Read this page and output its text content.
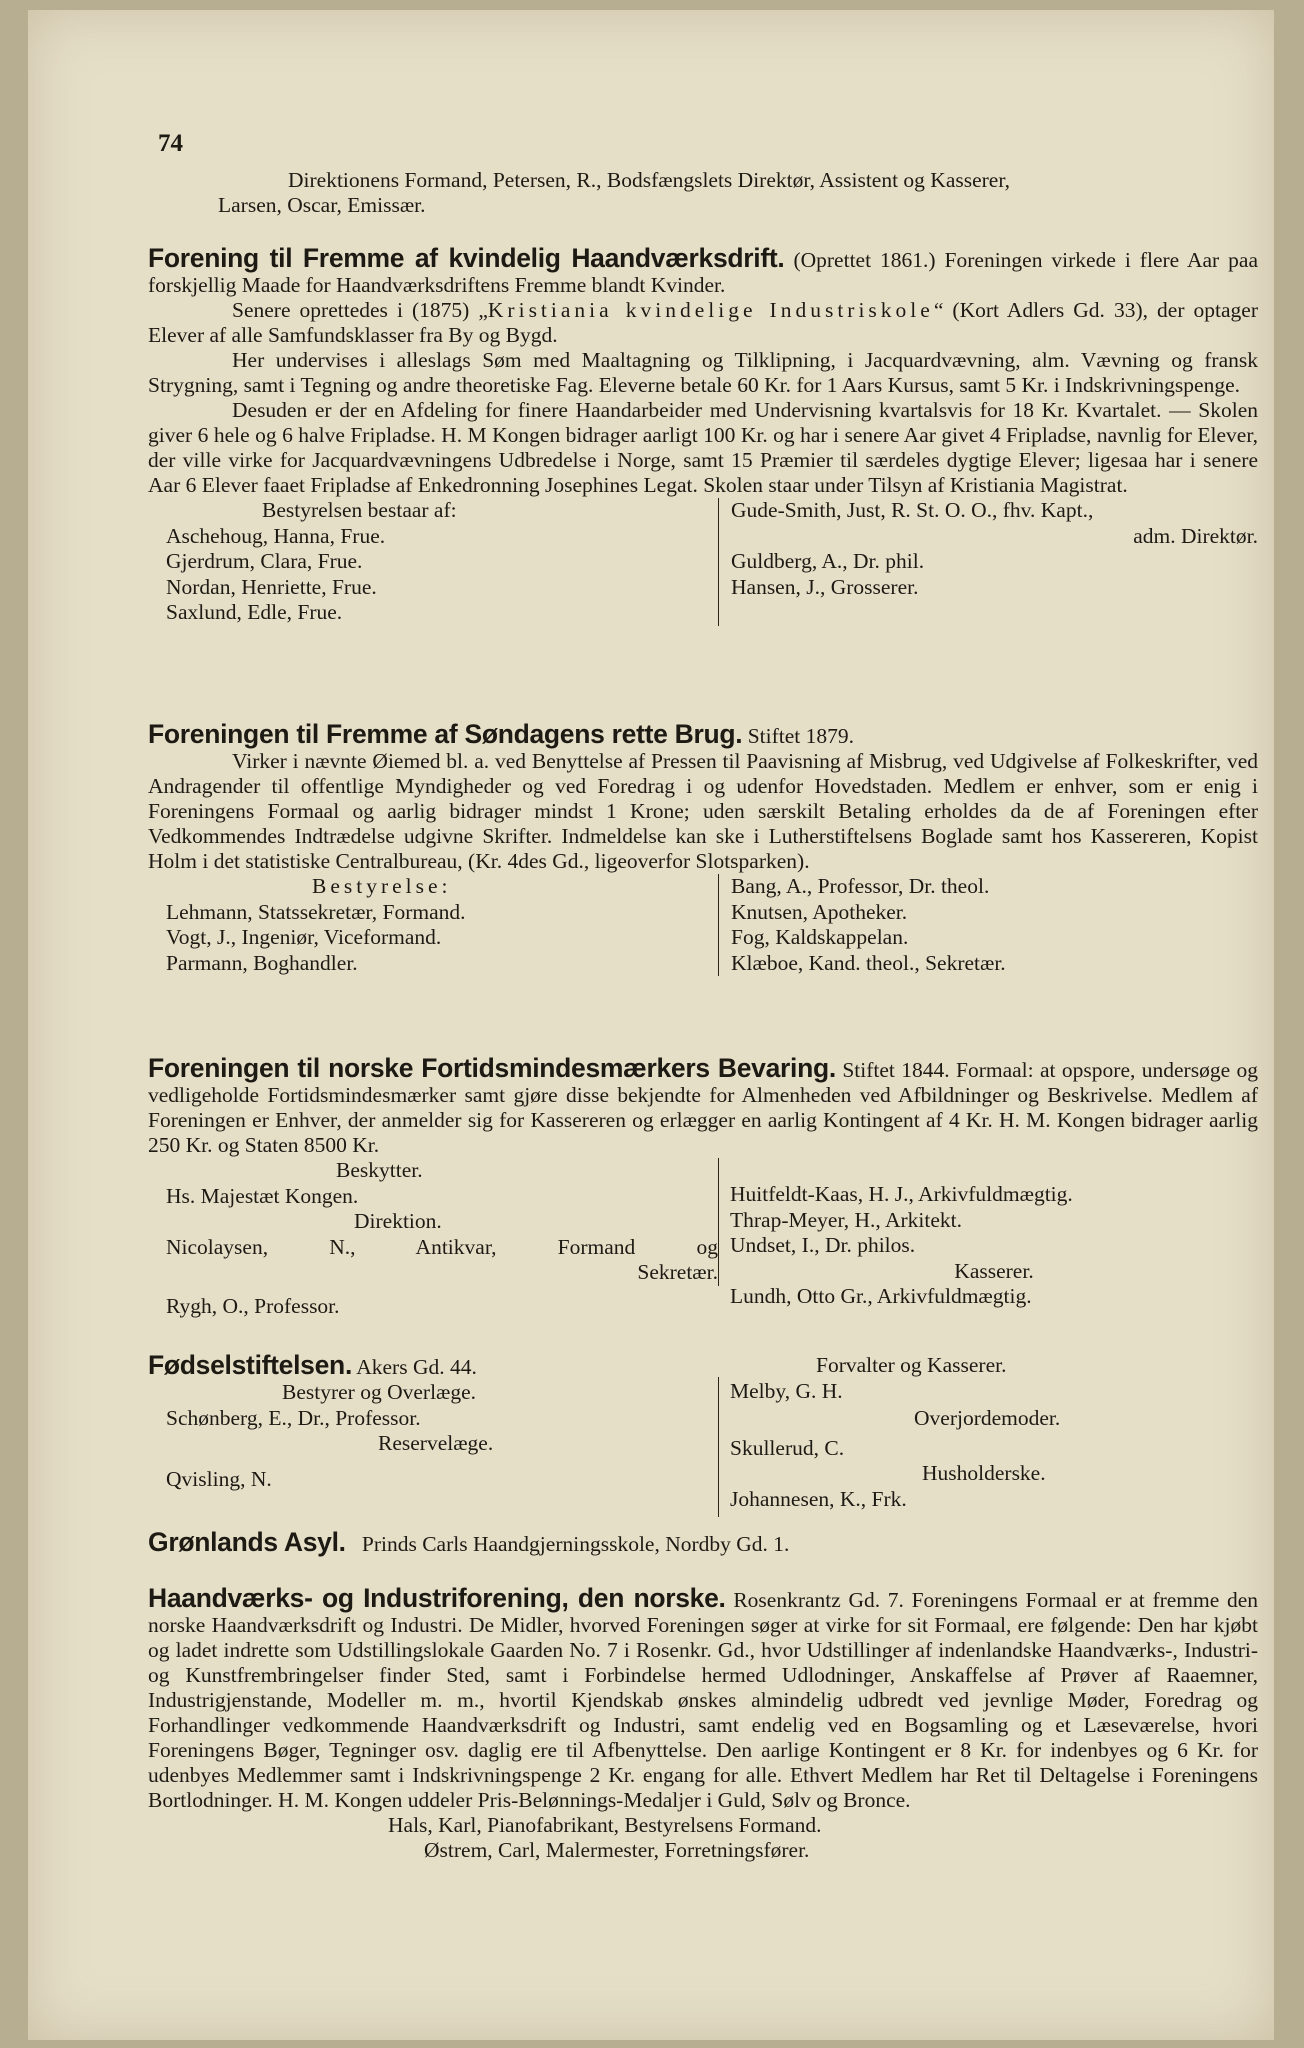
74

Direktionens Formand, Petersen, R., Bodsfængslets Direktør, Assistent og Kasserer,

Larsen, Oscar, Emissær.

Forening til Fremme af kvindelig Haandværksdrift. (Oprettet 1861.) Foreningen virkede i flere Aar paa forskjellig Maade for Haandværksdriftens Fremme blandt Kvinder.

Senere oprettedes i (1875) „Kristiania kvindelige Industriskole“ (Kort Adlers Gd. 33), der optager Elever af alle Samfundsklasser fra By og Bygd.

Her undervises i alleslags Søm med Maaltagning og Tilklipning, i Jacquardvævning, alm. Vævning og fransk Strygning, samt i Tegning og andre theoretiske Fag. Eleverne betale 60 Kr. for 1 Aars Kursus, samt 5 Kr. i Indskrivningspenge.

Desuden er der en Afdeling for finere Haandarbeider med Undervisning kvartalsvis for 18 Kr. Kvartalet. — Skolen giver 6 hele og 6 halve Fripladse. H. M Kongen bidrager aarligt 100 Kr. og har i senere Aar givet 4 Fripladse, navnlig for Elever, der ville virke for Jacquardvævningens Udbredelse i Norge, samt 15 Præmier til særdeles dygtige Elever; ligesaa har i senere Aar 6 Elever faaet Fripladse af Enkedronning Josephines Legat. Skolen staar under Tilsyn af Kristiania Magistrat.

Bestyrelsen bestaar af:
Aschehoug, Hanna, Frue.
Gjerdrum, Clara, Frue.
Nordan, Henriette, Frue.
Saxlund, Edle, Frue.
Gude-Smith, Just, R. St. O. O., fhv. Kapt.,
adm. Direktør.
Guldberg, A., Dr. phil.
Hansen, J., Grosserer.

Foreningen til Fremme af Søndagens rette Brug. Stiftet 1879.

Virker i nævnte Øiemed bl. a. ved Benyttelse af Pressen til Paavisning af Misbrug, ved Udgivelse af Folkeskrifter, ved Andragender til offentlige Myndigheder og ved Foredrag i og udenfor Hovedstaden. Medlem er enhver, som er enig i Foreningens Formaal og aarlig bidrager mindst 1 Krone; uden særskilt Betaling erholdes da de af Foreningen efter Vedkommendes Indtrædelse udgivne Skrifter. Indmeldelse kan ske i Lutherstiftelsens Boglade samt hos Kassereren, Kopist Holm i det statistiske Centralbureau, (Kr. 4des Gd., ligeoverfor Slotsparken).

Bestyrelse:
Lehmann, Statssekretær, Formand.
Vogt, J., Ingeniør, Viceformand.
Parmann, Boghandler.
Bang, A., Professor, Dr. theol.
Knutsen, Apotheker.
Fog, Kaldskappelan.
Klæboe, Kand. theol., Sekretær.

Foreningen til norske Fortidsmindesmærkers Bevaring. Stiftet 1844. Formaal: at opspore, undersøge og vedligeholde Fortidsmindesmærker samt gjøre disse bekjendte for Almenheden ved Afbildninger og Beskrivelse. Medlem af Foreningen er Enhver, der anmelder sig for Kassereren og erlægger en aarlig Kontingent af 4 Kr. H. M. Kongen bidrager aarlig 250 Kr. og Staten 8500 Kr.

Beskytter.
Hs. Majestæt Kongen.
Direktion.
Nicolaysen, N., Antikvar, Formand og
Sekretær.
Rygh, O., Professor.
Huitfeldt-Kaas, H. J., Arkivfuldmægtig.
Thrap-Meyer, H., Arkitekt.
Undset, I., Dr. philos.
Kasserer.
Lundh, Otto Gr., Arkivfuldmægtig.

Fødselstiftelsen. Akers Gd. 44.

Bestyrer og Overlæge.
Schønberg, E., Dr., Professor.
Reservelæge.
Qvisling, N.
Forvalter og Kasserer.
Melby, G. H.
Overjordemoder.
Skullerud, C.
Husholderske.
Johannesen, K., Frk.

Grønlands Asyl. Prinds Carls Haandgjerningsskole, Nordby Gd. 1.

Haandværks- og Industriforening, den norske. Rosenkrantz Gd. 7. Foreningens Formaal er at fremme den norske Haandværksdrift og Industri. De Midler, hvorved Foreningen søger at virke for sit Formaal, ere følgende: Den har kjøbt og ladet indrette som Udstillingslokale Gaarden No. 7 i Rosenkr. Gd., hvor Udstillinger af indenlandske Haandværks-, Industri- og Kunstfrembringelser finder Sted, samt i Forbindelse hermed Udlodninger, Anskaffelse af Prøver af Raaemner, Industrigjenstande, Modeller m. m., hvortil Kjendskab ønskes almindelig udbredt ved jevnlige Møder, Foredrag og Forhandlinger vedkommende Haandværksdrift og Industri, samt endelig ved en Bogsamling og et Læseværelse, hvori Foreningens Bøger, Tegninger osv. daglig ere til Afbenyttelse. Den aarlige Kontingent er 8 Kr. for indenbyes og 6 Kr. for udenbyes Medlemmer samt i Indskrivningspenge 2 Kr. engang for alle. Ethvert Medlem har Ret til Deltagelse i Foreningens Bortlodninger. H. M. Kongen uddeler Pris-Belønnings-Medaljer i Guld, Sølv og Bronce.

Hals, Karl, Pianofabrikant, Bestyrelsens Formand.
Østrem, Carl, Malermester, Forretningsfører.
